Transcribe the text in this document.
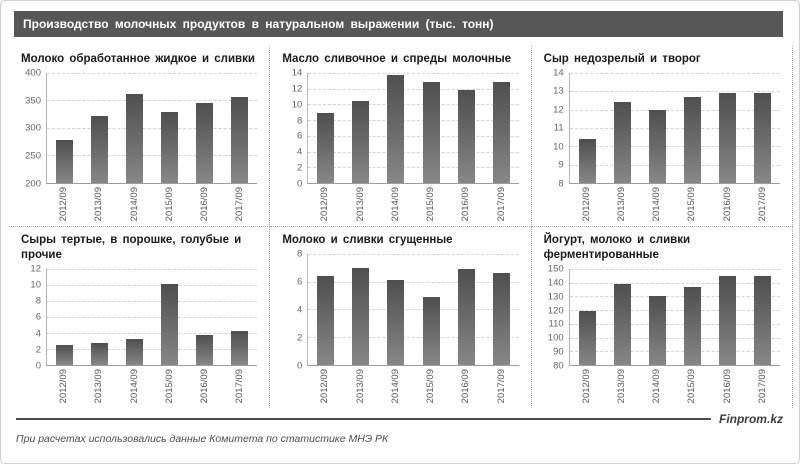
Производство молочных продуктов в натуральном выражении (тыс. тонн)
Молоко обработанное жидкое и сливки
200
250
300
350
400
2012/09	2013/09	2014/09	2015/09	2016/09	2017/09
Масло сливочное и спреды молочные
0
2
4
6
8
10
12
14
2012/09	2013/09	2014/09	2015/09	2016/09	2017/09
Сыр недозрелый и творог
8
9
10
11
12
13
14
2012/09	2013/09	2014/09	2015/09	2016/09	2017/09
Сыры тертые, в порошке, голубые и прочие
0
2
4
6
8
10
12
2012/09	2013/09	2014/09	2015/09	2016/09	2017/09
Молоко и сливки сгущенные
0
2
4
6
8
2012/09	2013/09	2014/09	2015/09	2016/09	2017/09
Йогурт, молоко и сливки ферментированные
80
90
100
110
120
130
140
150
2012/09	2013/09	2014/09	2015/09	2016/09	2017/09
Finprom.kz
При расчетах использовались данные Комитета по статистике МНЭ РК
